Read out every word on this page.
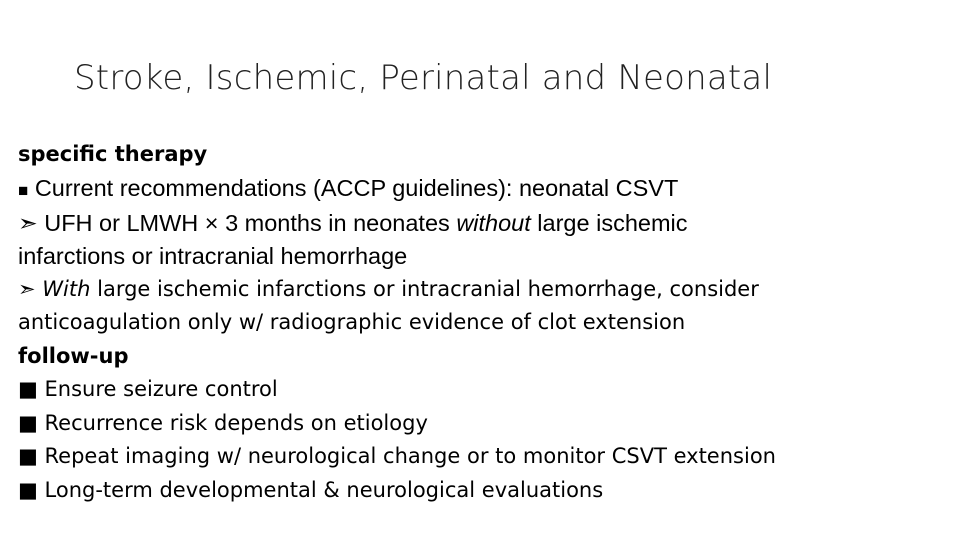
Stroke, Ischemic, Perinatal and Neonatal
specific therapy
■ Current recommendations (ACCP guidelines): neonatal CSVT
➣ UFH or LMWH × 3 months in neonates without large ischemic
infarctions or intracranial hemorrhage
➣ With large ischemic infarctions or intracranial hemorrhage, consider
anticoagulation only w/ radiographic evidence of clot extension
follow-up
■ Ensure seizure control
■ Recurrence risk depends on etiology
■ Repeat imaging w/ neurological change or to monitor CSVT extension
■ Long-term developmental & neurological evaluations
